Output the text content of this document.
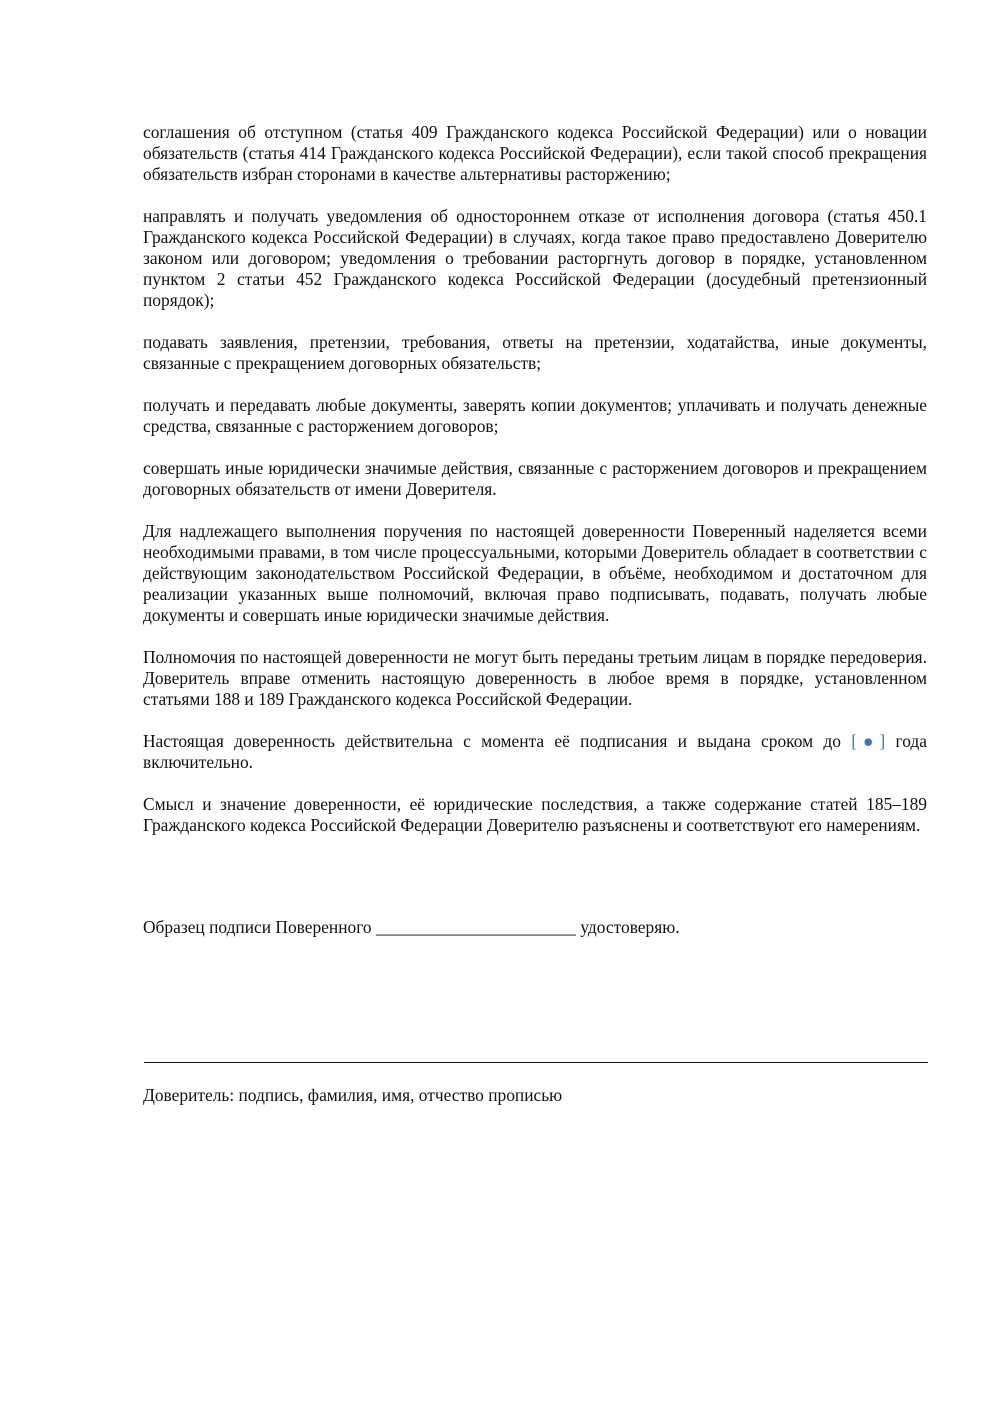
соглашения об отступном (статья 409 Гражданского кодекса Российской Федерации) или о новации обязательств (статья 414 Гражданского кодекса Российской Федерации), если такой способ прекращения обязательств избран сторонами в качестве альтернативы расторжению;

направлять и получать уведомления об одностороннем отказе от исполнения договора (статья 450.1 Гражданского кодекса Российской Федерации) в случаях, когда такое право предоставлено Доверителю законом или договором; уведомления о требовании расторгнуть договор в порядке, установленном пунктом 2 статьи 452 Гражданского кодекса Российской Федерации (досудебный претензионный порядок);

подавать заявления, претензии, требования, ответы на претензии, ходатайства, иные документы, связанные с прекращением договорных обязательств;

получать и передавать любые документы, заверять копии документов; уплачивать и получать денежные средства, связанные с расторжением договоров;

совершать иные юридически значимые действия, связанные с расторжением договоров и прекращением договорных обязательств от имени Доверителя.

Для надлежащего выполнения поручения по настоящей доверенности Поверенный наделяется всеми необходимыми правами, в том числе процессуальными, которыми Доверитель обладает в соответствии с действующим законодательством Российской Федерации, в объёме, необходимом и достаточном для реализации указанных выше полномочий, включая право подписывать, подавать, получать любые документы и совершать иные юридически значимые действия.

Полномочия по настоящей доверенности не могут быть переданы третьим лицам в порядке передоверия. Доверитель вправе отменить настоящую доверенность в любое время в порядке, установленном статьями 188 и 189 Гражданского кодекса Российской Федерации.

Настоящая доверенность действительна с момента её подписания и выдана сроком до [●] года включительно.

Смысл и значение доверенности, её юридические последствия, а также содержание статей 185–189 Гражданского кодекса Российской Федерации Доверителю разъяснены и соответствуют его намерениям.

Образец подписи Поверенного _______________________ удостоверяю.
Доверитель: подпись, фамилия, имя, отчество прописью
